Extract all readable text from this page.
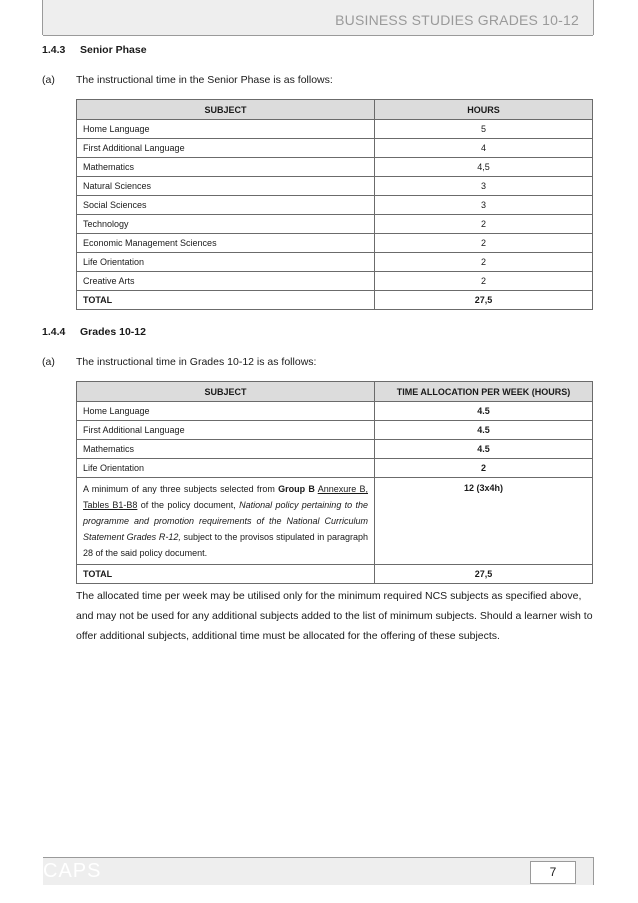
BUSINESS STUDIES GRADES 10-12
1.4.3 Senior Phase
(a) The instructional time in the Senior Phase is as follows:
SUBJECT	HOURS
Home Language	5
First Additional Language	4
Mathematics	4,5
Natural Sciences	3
Social Sciences	3
Technology	2
Economic Management Sciences	2
Life Orientation	2
Creative Arts	2
TOTAL	27,5
1.4.4 Grades 10-12
(a) The instructional time in Grades 10-12 is as follows:
SUBJECT	TIME ALLOCATION PER WEEK (HOURS)
Home Language	4.5
First Additional Language	4.5
Mathematics	4.5
Life Orientation	2
A minimum of any three subjects selected from Group B Annexure B, Tables B1-B8 of the policy document, National policy pertaining to the programme and promotion requirements of the National Curriculum Statement Grades R-12, subject to the provisos stipulated in paragraph 28 of the said policy document.	12 (3x4h)
TOTAL	27,5
The allocated time per week may be utilised only for the minimum required NCS subjects as specified above, and may not be used for any additional subjects added to the list of minimum subjects. Should a learner wish to offer additional subjects, additional time must be allocated for the offering of these subjects.
CAPS	7
